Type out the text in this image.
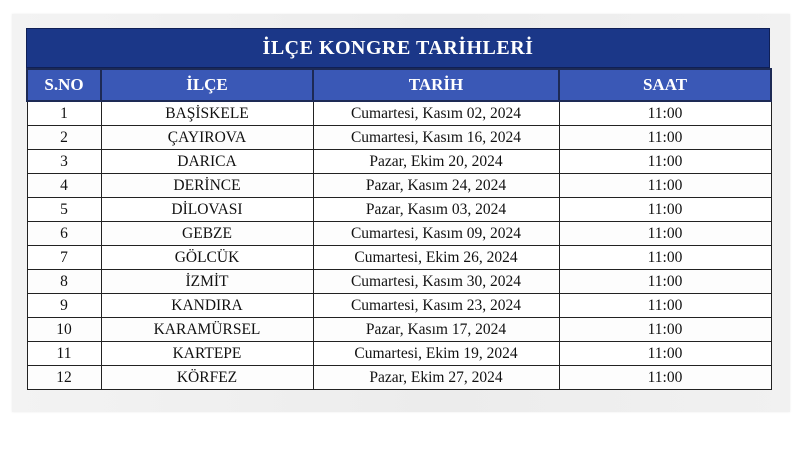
İLÇE KONGRE TARİHLERİ
S.NO	İLÇE	TARİH	SAAT
1	BAŞİSKELE	Cumartesi, Kasım 02, 2024	11:00
2	ÇAYIROVA	Cumartesi, Kasım 16, 2024	11:00
3	DARICA	Pazar, Ekim 20, 2024	11:00
4	DERİNCE	Pazar, Kasım 24, 2024	11:00
5	DİLOVASI	Pazar, Kasım 03, 2024	11:00
6	GEBZE	Cumartesi, Kasım 09, 2024	11:00
7	GÖLCÜK	Cumartesi, Ekim 26, 2024	11:00
8	İZMİT	Cumartesi, Kasım 30, 2024	11:00
9	KANDIRA	Cumartesi, Kasım 23, 2024	11:00
10	KARAMÜRSEL	Pazar, Kasım 17, 2024	11:00
11	KARTEPE	Cumartesi, Ekim 19, 2024	11:00
12	KÖRFEZ	Pazar, Ekim 27, 2024	11:00
